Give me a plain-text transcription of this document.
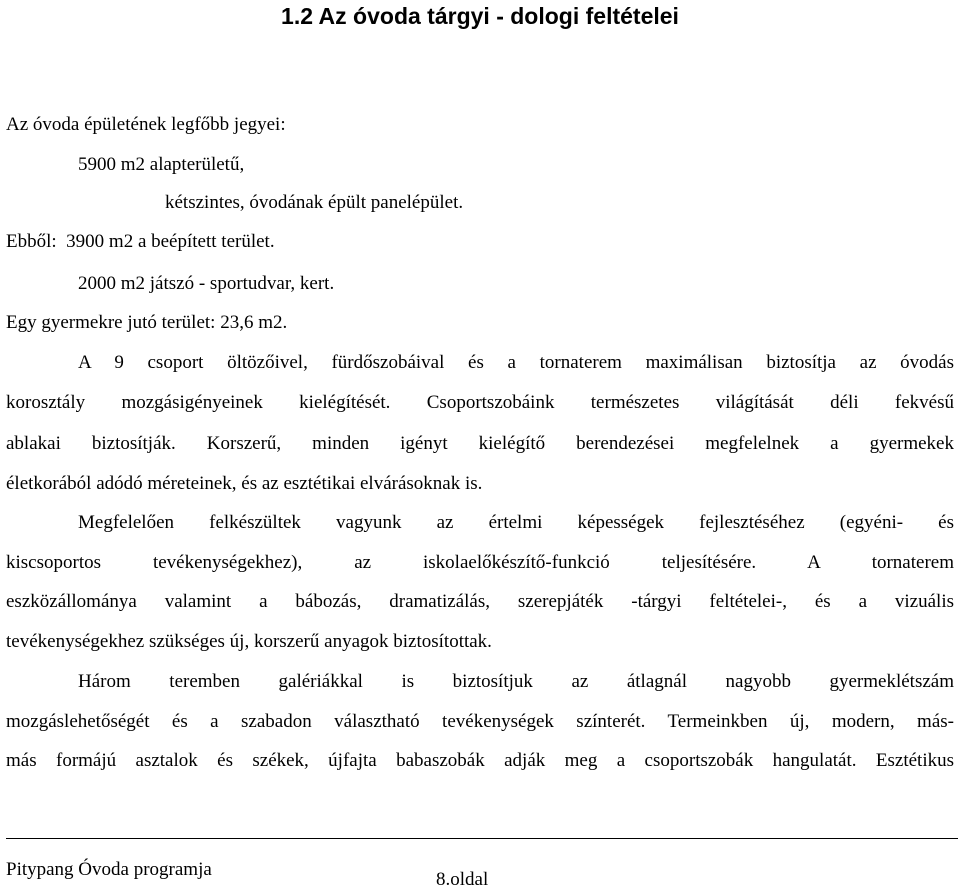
1.2 Az óvoda tárgyi - dologi feltételei
Az óvoda épületének legfőbb jegyei:
5900 m2 alapterületű,
kétszintes, óvodának épült panelépület.
Ebből:  3900 m2 a beépített terület.
2000 m2 játszó - sportudvar, kert.
Egy gyermekre jutó terület: 23,6 m2.
A 9 csoport öltözőivel, fürdőszobáival és a tornaterem maximálisan biztosítja az óvodás
korosztály mozgásigényeinek kielégítését. Csoportszobáink természetes világítását déli fekvésű
ablakai biztosítják. Korszerű, minden igényt kielégítő berendezései megfelelnek a gyermekek
életkorából adódó méreteinek, és az esztétikai elvárásoknak is.
Megfelelően felkészültek vagyunk az értelmi képességek fejlesztéséhez (egyéni- és
kiscsoportos tevékenységekhez), az iskolaelőkészítő-funkció teljesítésére. A tornaterem
eszközállománya valamint a bábozás, dramatizálás, szerepjáték -tárgyi feltételei-, és a vizuális
tevékenységekhez szükséges új, korszerű anyagok biztosítottak.
Három teremben galériákkal is biztosítjuk az átlagnál nagyobb gyermeklétszám
mozgáslehetőségét és a szabadon választható tevékenységek színterét. Termeinkben új, modern, más-
más formájú asztalok és székek, újfajta babaszobák adják meg a csoportszobák hangulatát. Esztétikus
Pitypang Óvoda programja	8.oldal
